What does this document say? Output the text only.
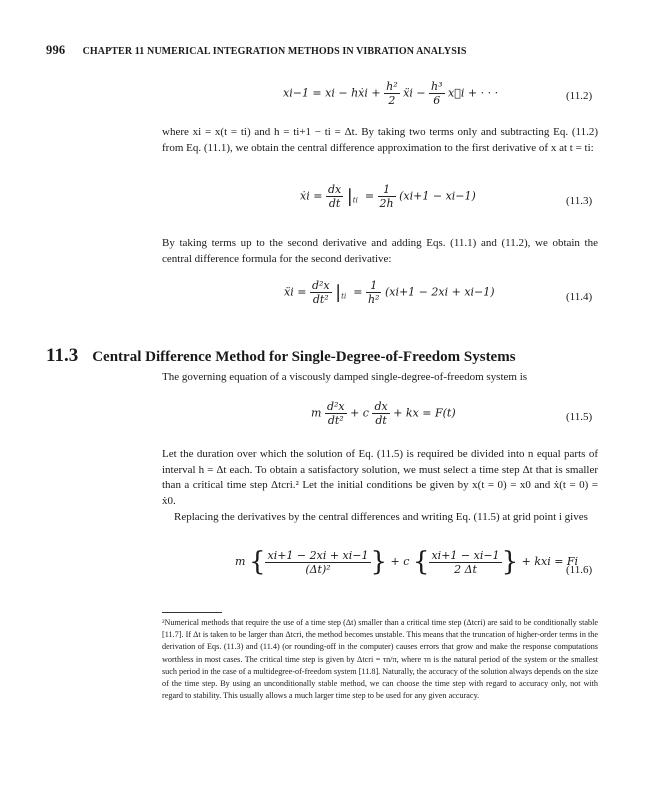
996 CHAPTER 11 NUMERICAL INTEGRATION METHODS IN VIBRATION ANALYSIS
xi−1 = xi − hẋi + $\frac{\text{h²}}{2}$ ẍi − $\frac{\text{h³}}{6}$ x⃛i + · · ·	(11.2)
where xi = x(t = ti) and h = ti+1 − ti = Δt. By taking two terms only and subtracting Eq. (11.2) from Eq. (11.1), we obtain the central difference approximation to the first derivative of x at t = ti:
ẋi = $\frac{dx}{dt} |_{ti} = \frac{1}{2h} (xi+1 - xi-1)$	(11.3)
By taking terms up to the second derivative and adding Eqs. (11.1) and (11.2), we obtain the central difference formula for the second derivative:
ẍi = $\frac{\text{d²x}}{\text{dt²}} |_{ti} = \frac{1}{\text{h²}} (xi+1 - 2xi + xi-1)$	(11.4)
11.3 Central Difference Method for Single-Degree-of-Freedom Systems
The governing equation of a viscously damped single-degree-of-freedom system is
m $\frac{\text{d²x}}{\text{dt²}} + c \frac{dx}{dt}$ + kx = F(t)	(11.5)
Let the duration over which the solution of Eq. (11.5) is required be divided into n equal parts of interval h = Δt each. To obtain a satisfactory solution, we must select a time step Δt that is smaller than a critical time step Δtcri.² Let the initial conditions be given by x(t = 0) = x0 and ẋ(t = 0) = ẋ0.
Replacing the derivatives by the central differences and writing Eq. (11.5) at grid point i gives
m { $\frac{xi+1 - 2xi + xi-1}{\text{(Δt)²}}$ } + c { $\frac{xi+1 - xi-1}{2 \Delta t}$ } + kxi = Fi
(11.6)
²Numerical methods that require the use of a time step (Δt) smaller than a critical time step (Δtcri) are said to be conditionally stable [11.7]. If Δt is taken to be larger than Δtcri, the method becomes unstable. This means that the truncation of higher-order terms in the derivation of Eqs. (11.3) and (11.4) (or rounding-off in the computer) causes errors that grow and make the response computations worthless in most cases. The critical time step is given by Δtcri = τn/π, where τn is the natural period of the system or the smallest such period in the case of a multidegree-of-freedom system [11.8]. Naturally, the accuracy of the solution always depends on the size of the time step. By using an unconditionally stable method, we can choose the time step with regard to accuracy only, not with regard to stability. This usually allows a much larger time step to be used for any given accuracy.
